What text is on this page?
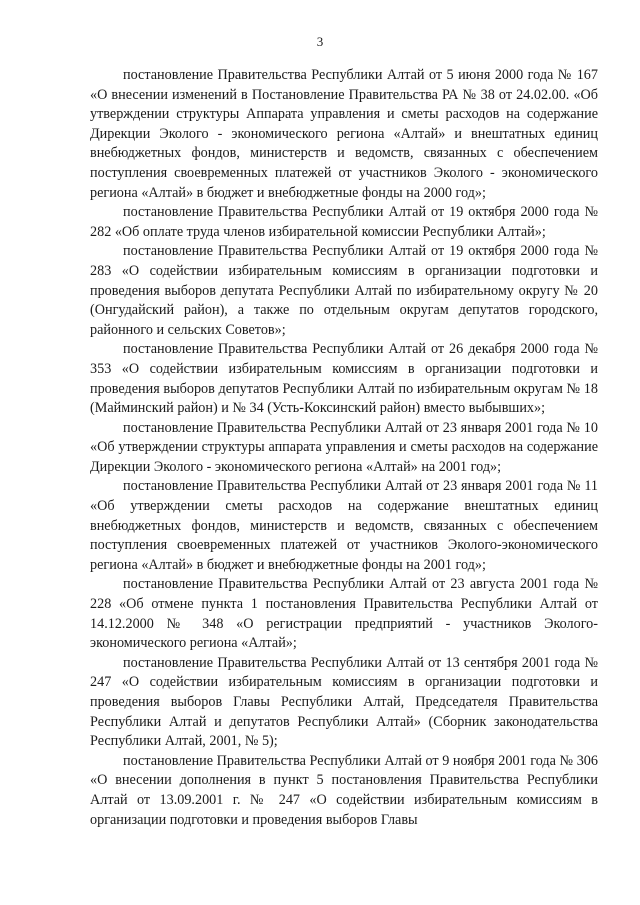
3

постановление Правительства Республики Алтай от 5 июня 2000 года № 167 «О внесении изменений в Постановление Правительства РА № 38 от 24.02.00. «Об утверждении структуры Аппарата управления и сметы расходов на содержание Дирекции Эколого - экономического региона «Алтай» и внештатных единиц внебюджетных фондов, министерств и ведомств, связанных с обеспечением поступления своевременных платежей от участников Эколого - экономического региона «Алтай» в бюджет и внебюджетные фонды на 2000 год»;

постановление Правительства Республики Алтай от 19 октября 2000 года № 282 «Об оплате труда членов избирательной комиссии Республики Алтай»;

постановление Правительства Республики Алтай от 19 октября 2000 года № 283 «О содействии избирательным комиссиям в организации подготовки и проведения выборов депутата Республики Алтай по избирательному округу № 20 (Онгудайский район), а также по отдельным округам депутатов городского, районного и сельских Советов»;

постановление Правительства Республики Алтай от 26 декабря 2000 года № 353 «О содействии избирательным комиссиям в организации подготовки и проведения выборов депутатов Республики Алтай по избирательным округам № 18 (Майминский район) и № 34 (Усть-Коксинский район) вместо выбывших»;

постановление Правительства Республики Алтай от 23 января 2001 года № 10 «Об утверждении структуры аппарата управления и сметы расходов на содержание Дирекции Эколого - экономического региона «Алтай» на 2001 год»;

постановление Правительства Республики Алтай от 23 января 2001 года № 11 «Об утверждении сметы расходов на содержание внештатных единиц внебюджетных фондов, министерств и ведомств, связанных с обеспечением поступления своевременных платежей от участников Эколого-экономического региона «Алтай» в бюджет и внебюджетные фонды на 2001 год»;

постановление Правительства Республики Алтай от 23 августа 2001 года № 228 «Об отмене пункта 1 постановления Правительства Республики Алтай от 14.12.2000 № 348 «О регистрации предприятий - участников Эколого-экономического региона «Алтай»;

постановление Правительства Республики Алтай от 13 сентября 2001 года № 247 «О содействии избирательным комиссиям в организации подготовки и проведения выборов Главы Республики Алтай, Председателя Правительства Республики Алтай и депутатов Республики Алтай» (Сборник законодательства Республики Алтай, 2001, № 5);

постановление Правительства Республики Алтай от 9 ноября 2001 года № 306 «О внесении дополнения в пункт 5 постановления Правительства Республики Алтай от 13.09.2001 г. № 247 «О содействии избирательным комиссиям в организации подготовки и проведения выборов Главы
